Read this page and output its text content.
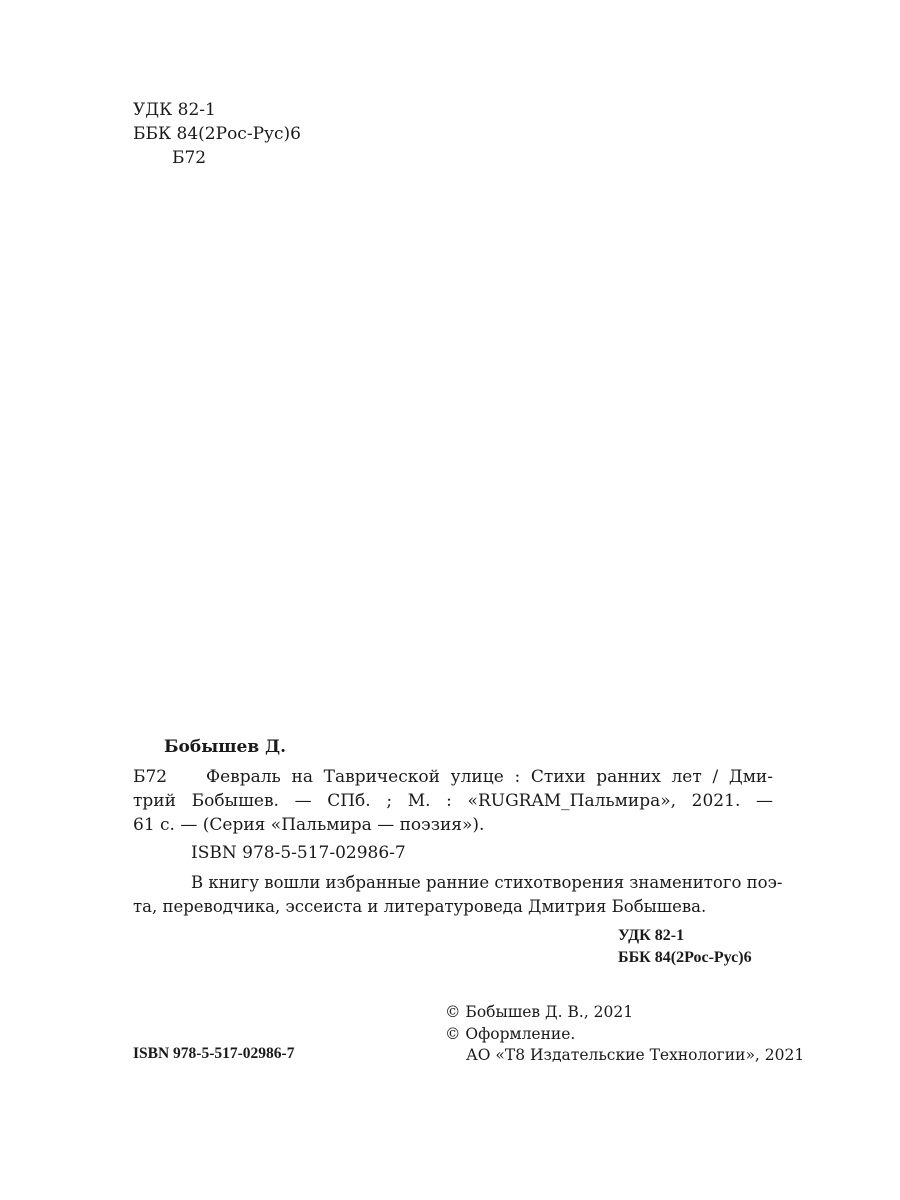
УДК 82-1
ББК 84(2Рос-Рус)6
Б72
Бобышев Д.
Б72 Февраль на Таврической улице : Стихи ранних лет / Дми-
трий Бобышев. — СПб. ; М. : «RUGRAM_Пальмира», 2021. —
61 с. — (Серия «Пальмира — поэзия»).
ISBN 978-5-517-02986-7
В книгу вошли избранные ранние стихотворения знаменитого поэ-
та, переводчика, эссеиста и литературоведа Дмитрия Бобышева.
УДК 82-1
ББК 84(2Рос-Рус)6
© Бобышев Д. В., 2021
© Оформление.
АО «Т8 Издательские Технологии», 2021
ISBN 978-5-517-02986-7
